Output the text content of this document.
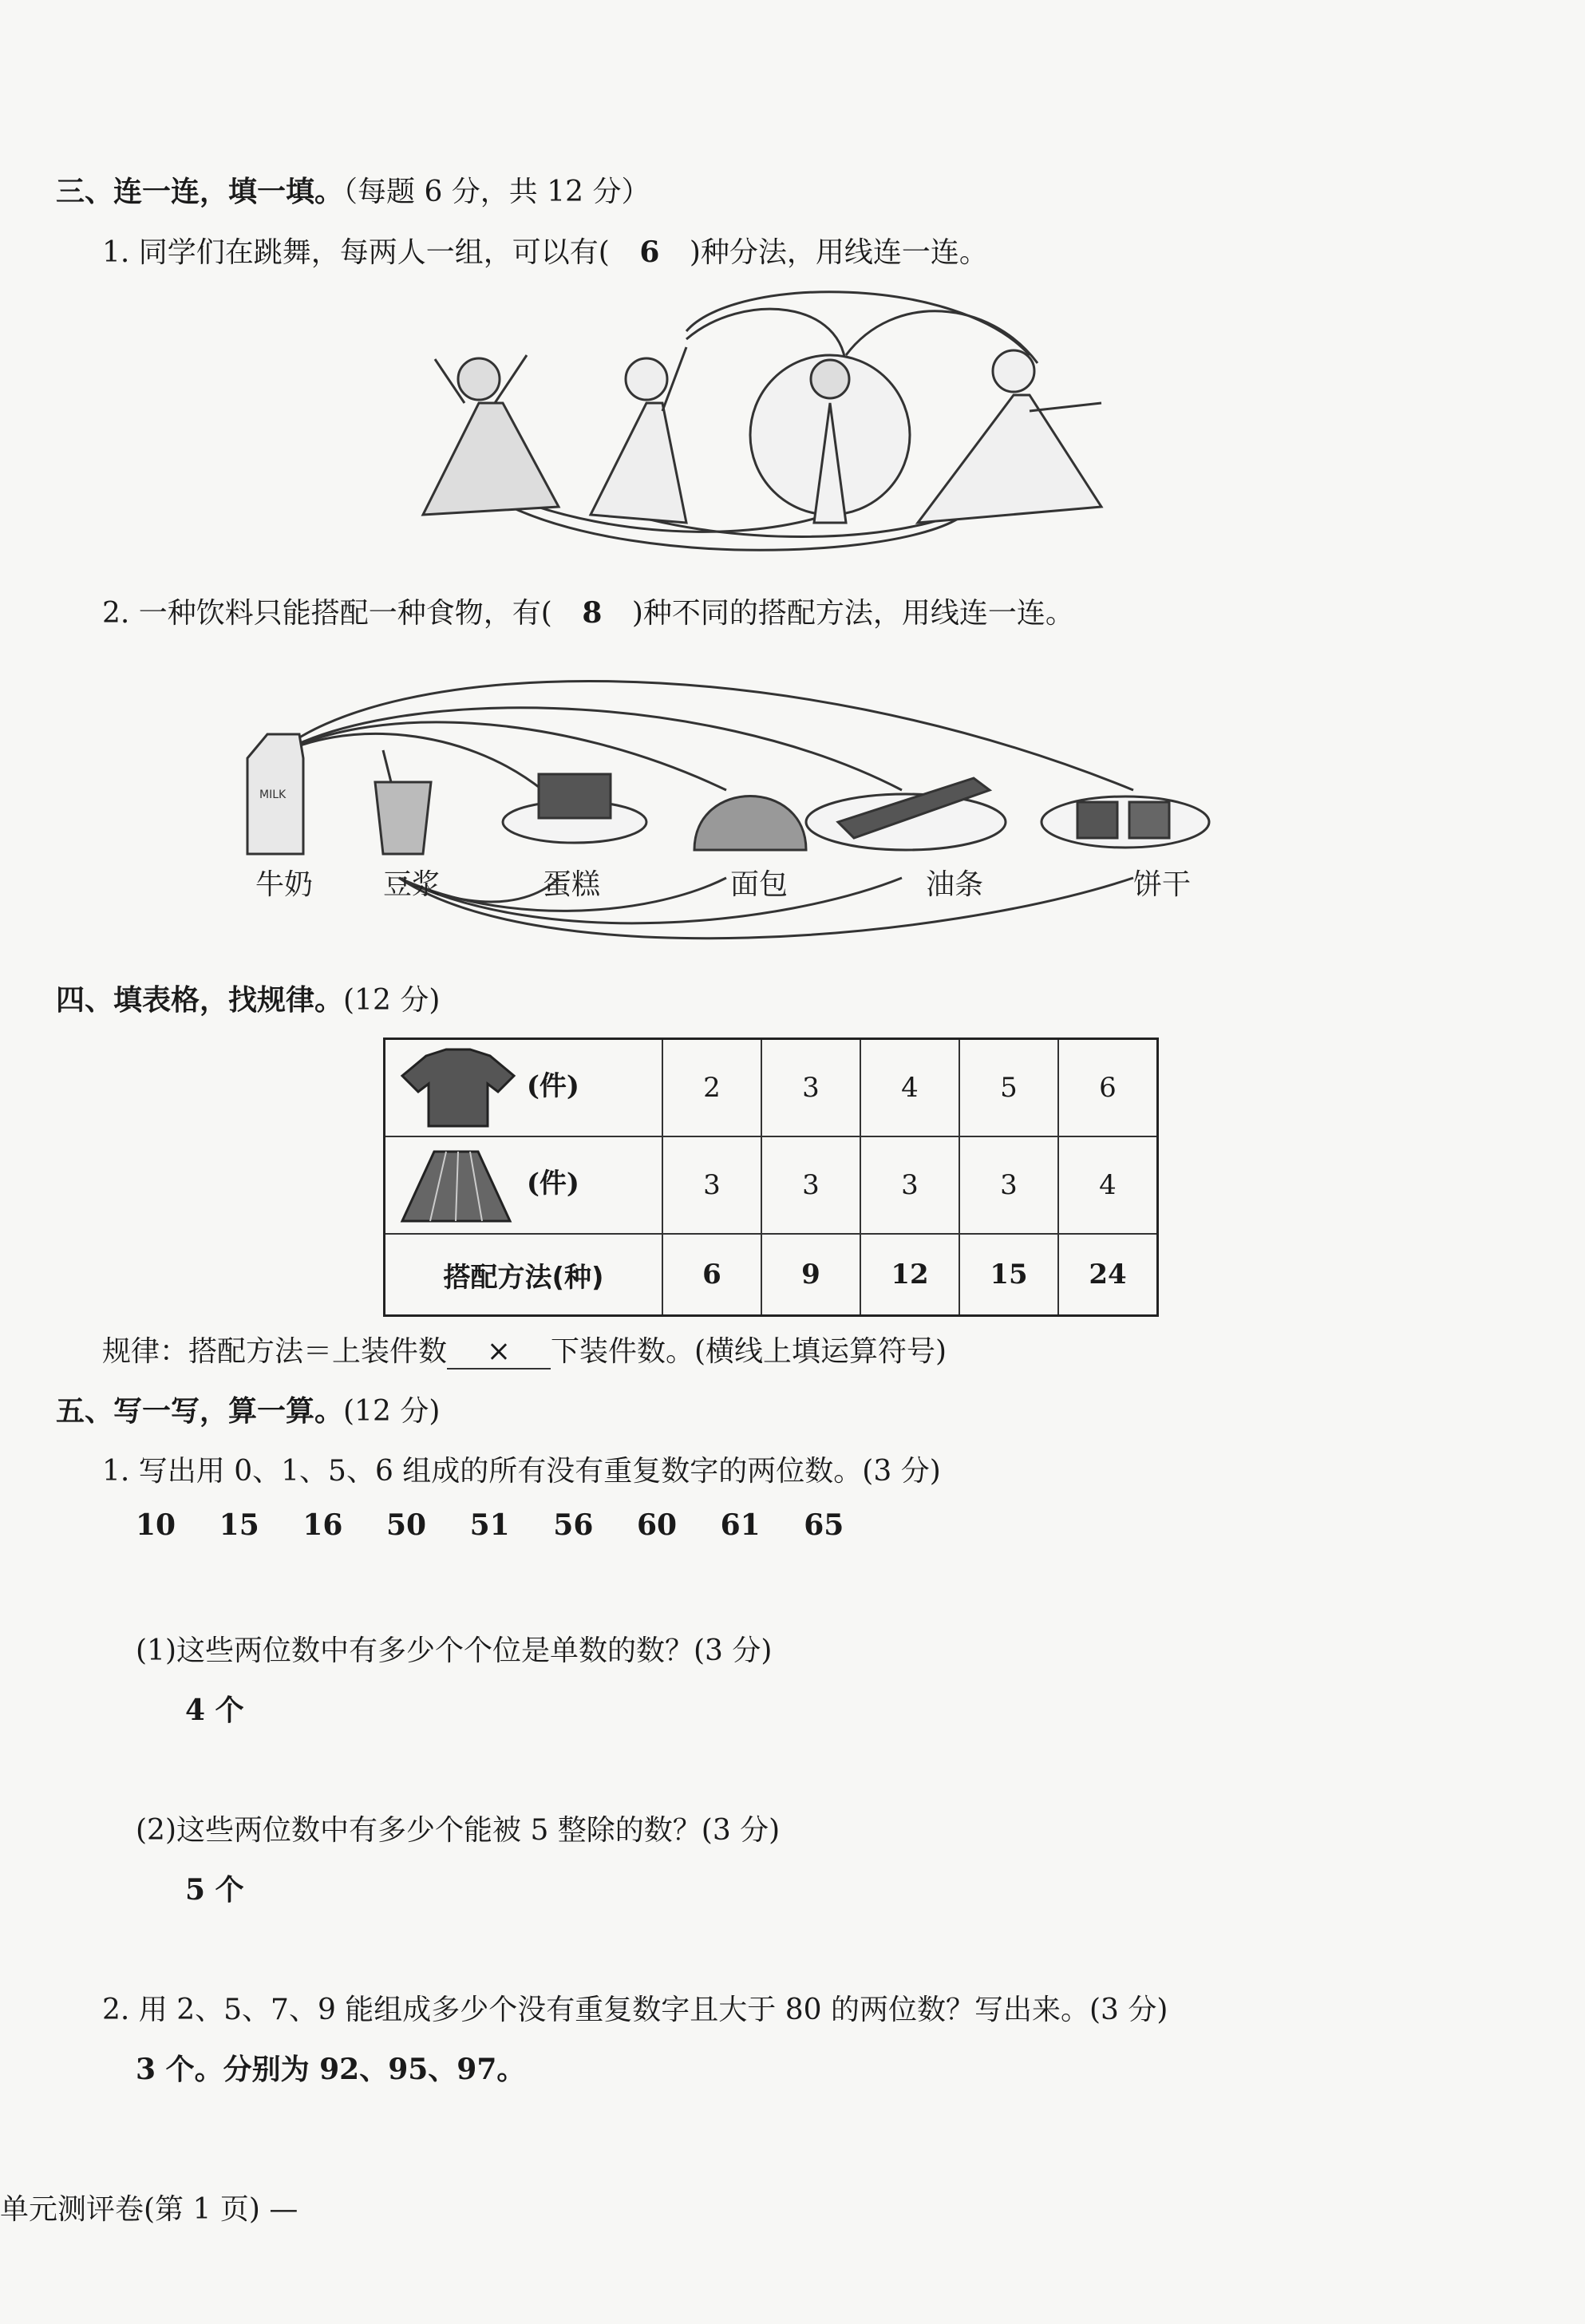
三、连一连，填一填。（每题 6 分，共 12 分）
1. 同学们在跳舞，每两人一组，可以有( 6 )种分法，用线连一连。
2. 一种饮料只能搭配一种食物，有( 8 )种不同的搭配方法，用线连一连。
MILK
牛奶 豆浆	蛋糕	面包	油条	饼干
四、填表格，找规律。(12 分)
(件)	2	3	4	5	6
(件)	3	3	3	3	4
搭配方法(种)	6	9	12	15	24
规律：搭配方法＝上装件数 × 下装件数。(横线上填运算符号)
五、写一写，算一算。(12 分)
1. 写出用 0、1、5、6 组成的所有没有重复数字的两位数。(3 分)
10 15 16 50 51 56 60 61 65
(1)这些两位数中有多少个个位是单数的数？(3 分)
4 个
(2)这些两位数中有多少个能被 5 整除的数？(3 分)
5 个
2. 用 2、5、7、9 能组成多少个没有重复数字且大于 80 的两位数？写出来。(3 分)
3 个。分别为 92、95、97。
单元测评卷(第 1 页) —
